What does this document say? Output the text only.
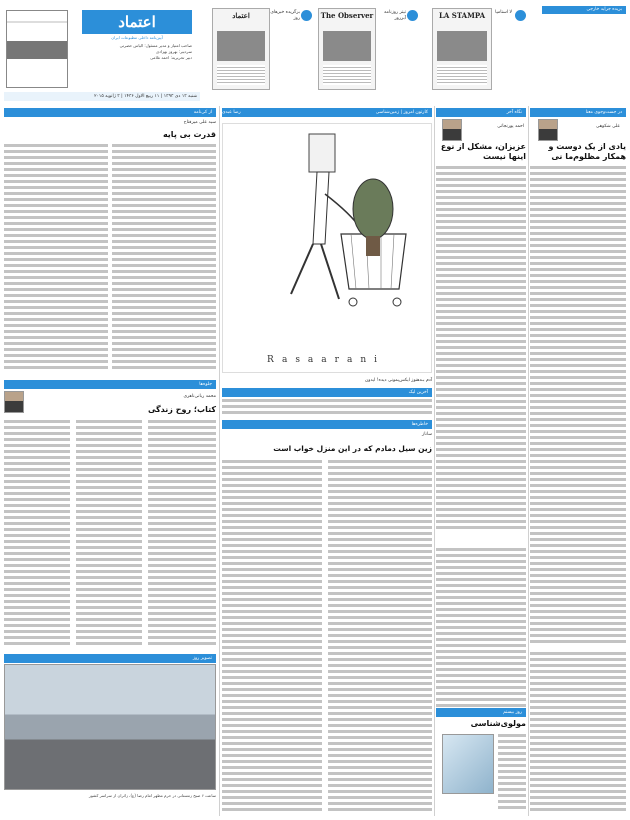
اعتماد
آیین‌نامه داخلی مطبوعات ایران
صاحب امتیاز و مدیر مسئول: الیاس حضرتی
سردبیر: بهروز بهزادی
دبیر تحریریه: احمد غلامی
شنبه ۱۳ دی ۱۳۹۳ | ۱۱ ربیع الاول ۱۴۳۶ | ۳ ژانویه ۲۰۱۵
اعتماد	برگزیده خبرهای روز	The Observer	تیتر روزنامه آبزرور	LA STAMPA	لا استامپا
بریده جراید خارجی
در جست‌وجوی معنا
علی شکوهی
یادی از یک دوست و همکار مظلوم‌ما نی
نگاه آخر
احمد پورنجاتی
عزیزان، مشکل از نوع اینها نیست
کارتون امروز | زمین‌شناسی
رضا عبدی
Rasaarani
آدم بـه‌هنوز ایکس‌یمونی دیده! ایدون
از کی‌نامه
سید علی میرفتاح
قدرت بی پایه
جلوه‌ها
محمد ربانی‌ناهری
کتاب؛ روح زندگی
تصویر روز
ساعت ۶ صبح زمستانی در حرم مطهر امام رضا (ع)، زائران از سراسر کشور
آخرین لیک
خاطره‌ها
ساناز
زین سیل دمادم که در این منزل خواب است
روز بیستم
مولوی‌شناسی
